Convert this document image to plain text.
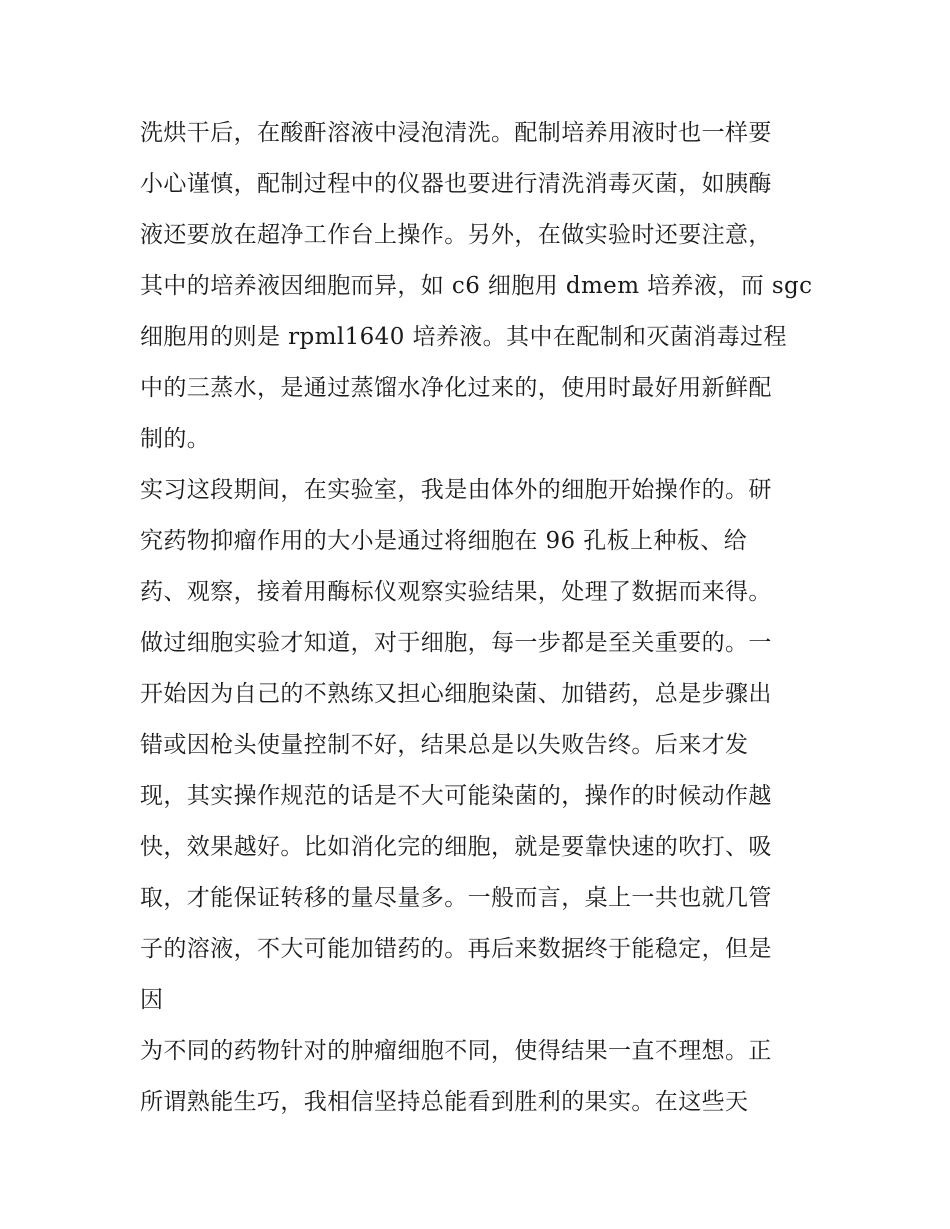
洗烘干后，在酸酐溶液中浸泡清洗。配制培养用液时也一样要
小心谨慎，配制过程中的仪器也要进行清洗消毒灭菌，如胰酶
液还要放在超净工作台上操作。另外，在做实验时还要注意，
其中的培养液因细胞而异，如 c6 细胞用 dmem 培养液，而 sgc
细胞用的则是 rpml1640 培养液。其中在配制和灭菌消毒过程
中的三蒸水，是通过蒸馏水净化过来的，使用时最好用新鲜配
制的。
实习这段期间，在实验室，我是由体外的细胞开始操作的。研
究药物抑瘤作用的大小是通过将细胞在 96 孔板上种板、给
药、观察，接着用酶标仪观察实验结果，处理了数据而来得。
做过细胞实验才知道，对于细胞，每一步都是至关重要的。一
开始因为自己的不熟练又担心细胞染菌、加错药，总是步骤出
错或因枪头使量控制不好，结果总是以失败告终。后来才发
现，其实操作规范的话是不大可能染菌的，操作的时候动作越
快，效果越好。比如消化完的细胞，就是要靠快速的吹打、吸
取，才能保证转移的量尽量多。一般而言，桌上一共也就几管
子的溶液，不大可能加错药的。再后来数据终于能稳定，但是
因
为不同的药物针对的肿瘤细胞不同，使得结果一直不理想。正
所谓熟能生巧，我相信坚持总能看到胜利的果实。在这些天
